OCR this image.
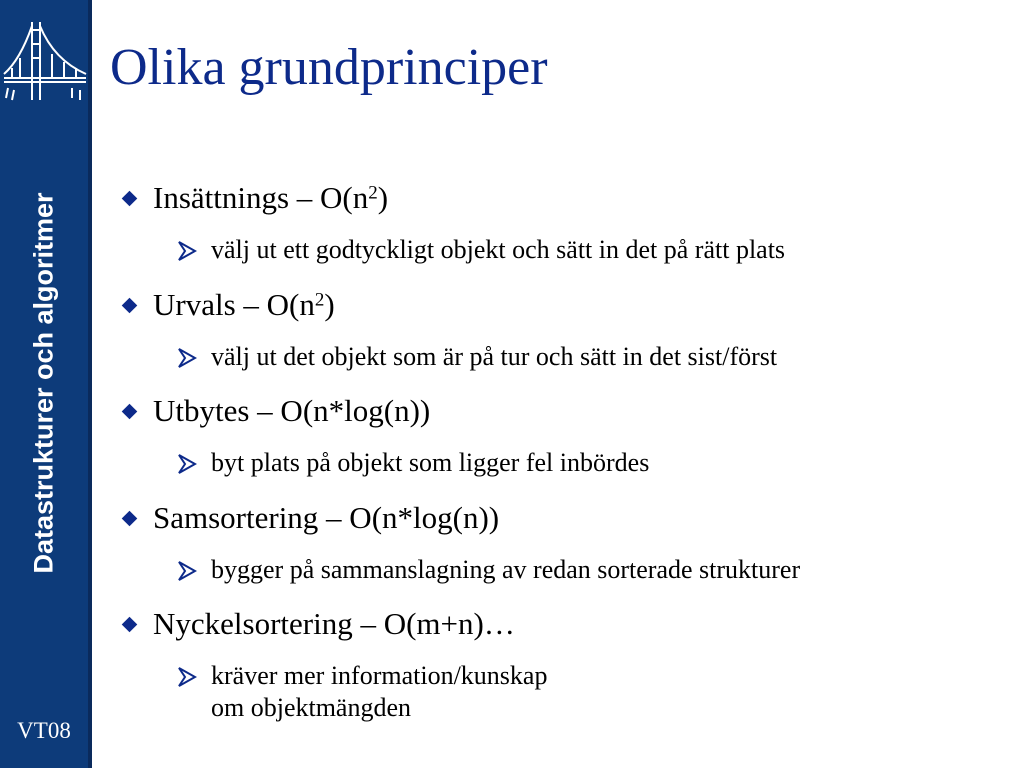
Datastrukturer och algoritmer
VT08
Olika grundprinciper
Insättnings – $O(n^2)$
välj ut ett godtyckligt objekt och sätt in det på rätt plats
Urvals – $O(n^2)$
välj ut det objekt som är på tur och sätt in det sist/först
Utbytes – O(n*log(n))
byt plats på objekt som ligger fel inbördes
Samsortering – O(n*log(n))
bygger på sammanslagning av redan sorterade strukturer
Nyckelsortering – O(m+n)…
kräver mer information/kunskap
om objektmängden
